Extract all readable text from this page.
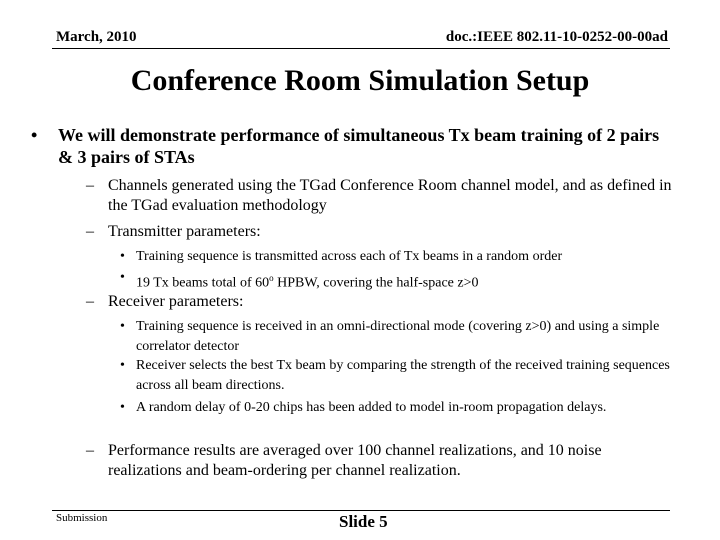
March, 2010	doc.:IEEE 802.11-10-0252-00-00ad
Conference Room Simulation Setup
• We will demonstrate performance of simultaneous Tx beam training of 2 pairs & 3 pairs of STAs
– Channels generated using the TGad Conference Room channel model, and as defined in the TGad evaluation methodology
– Transmitter parameters:
• Training sequence is transmitted across each of Tx beams in a random order
• 19 Tx beams total of 60$^o$ HPBW, covering the half-space z>0
– Receiver parameters:
• Training sequence is received in an omni-directional mode (covering z>0) and using a simple correlator detector
• Receiver selects the best Tx beam by comparing the strength of the received training sequences across all beam directions.
• A random delay of 0-20 chips has been added to model in-room propagation delays.
– Performance results are averaged over 100 channel realizations, and 10 noise realizations and beam-ordering per channel realization.
Submission	Slide 5
